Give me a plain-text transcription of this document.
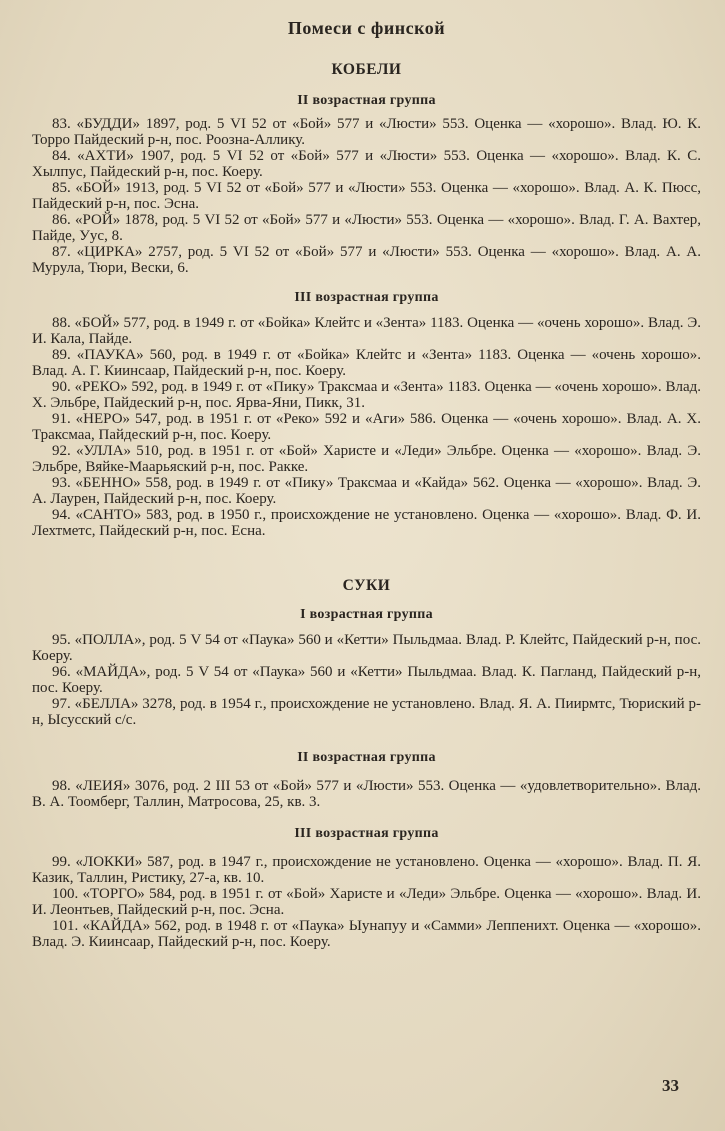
Помеси с финской
КОБЕЛИ
II возрастная группа

83. «БУДДИ» 1897, род. 5 VI 52 от «Бой» 577 и «Люсти» 553. Оценка — «хорошо». Влад. Ю. К. Торро Пайдеский р-н, пос. Роозна-Аллику.

84. «АХТИ» 1907, род. 5 VI 52 от «Бой» 577 и «Люсти» 553. Оценка — «хорошо». Влад. К. С. Хылпус, Пайдеский р-н, пос. Коеру.

85. «БОЙ» 1913, род. 5 VI 52 от «Бой» 577 и «Люсти» 553. Оценка — «хорошо». Влад. А. К. Пюсс, Пайдеский р-н, пос. Эсна.

86. «РОЙ» 1878, род. 5 VI 52 от «Бой» 577 и «Люсти» 553. Оценка — «хорошо». Влад. Г. А. Вахтер, Пайде, Уус, 8.

87. «ЦИРКА» 2757, род. 5 VI 52 от «Бой» 577 и «Люсти» 553. Оценка — «хорошо». Влад. А. А. Мурула, Тюри, Вески, 6.

III возрастная группа

88. «БОЙ» 577, род. в 1949 г. от «Бойка» Клейтс и «Зента» 1183. Оценка — «очень хорошо». Влад. Э. И. Кала, Пайде.

89. «ПАУКА» 560, род. в 1949 г. от «Бойка» Клейтс и «Зента» 1183. Оценка — «очень хорошо». Влад. А. Г. Киинсаар, Пайдеский р-н, пос. Коеру.

90. «РЕКО» 592, род. в 1949 г. от «Пику» Траксмаа и «Зента» 1183. Оценка — «очень хорошо». Влад. Х. Эльбре, Пайдеский р-н, пос. Ярва-Яни, Пикк, 31.

91. «НЕРО» 547, род. в 1951 г. от «Реко» 592 и «Аги» 586. Оценка — «очень хорошо». Влад. А. Х. Траксмаа, Пайдеский р-н, пос. Коеру.

92. «УЛЛА» 510, род. в 1951 г. от «Бой» Харисте и «Леди» Эльбре. Оценка — «хорошо». Влад. Э. Эльбре, Вяйке-Маарьяский р-н, пос. Ракке.

93. «БЕННО» 558, род. в 1949 г. от «Пику» Траксмаа и «Кайда» 562. Оценка — «хорошо». Влад. Э. А. Лаурен, Пайдеский р-н, пос. Коеру.

94. «САНТО» 583, род. в 1950 г., происхождение не установлено. Оценка — «хорошо». Влад. Ф. И. Лехтметс, Пайдеский р-н, пос. Есна.

СУКИ
I возрастная группа

95. «ПОЛЛА», род. 5 V 54 от «Паука» 560 и «Кетти» Пыльдмаа. Влад. Р. Клейтс, Пайдеский р-н, пос. Коеру.

96. «МАЙДА», род. 5 V 54 от «Паука» 560 и «Кетти» Пыльдмаа. Влад. К. Пагланд, Пайдеский р-н, пос. Коеру.

97. «БЕЛЛА» 3278, род. в 1954 г., происхождение не установлено. Влад. Я. А. Пиирмтс, Тюриский р-н, Ысусский с/с.

II возрастная группа

98. «ЛЕИЯ» 3076, род. 2 III 53 от «Бой» 577 и «Люсти» 553. Оценка — «удовлетворительно». Влад. В. А. Тоомберг, Таллин, Матросова, 25, кв. 3.

III возрастная группа

99. «ЛОККИ» 587, род. в 1947 г., происхождение не установлено. Оценка — «хорошо». Влад. П. Я. Казик, Таллин, Ристику, 27-а, кв. 10.

100. «ТОРГО» 584, род. в 1951 г. от «Бой» Харисте и «Леди» Эльбре. Оценка — «хорошо». Влад. И. И. Леонтьев, Пайдеский р-н, пос. Эсна.

101. «КАЙДА» 562, род. в 1948 г. от «Паука» Ыунапуу и «Самми» Леппениxт. Оценка — «хорошо». Влад. Э. Киинсаар, Пайдеский р-н, пос. Коеру.

33
